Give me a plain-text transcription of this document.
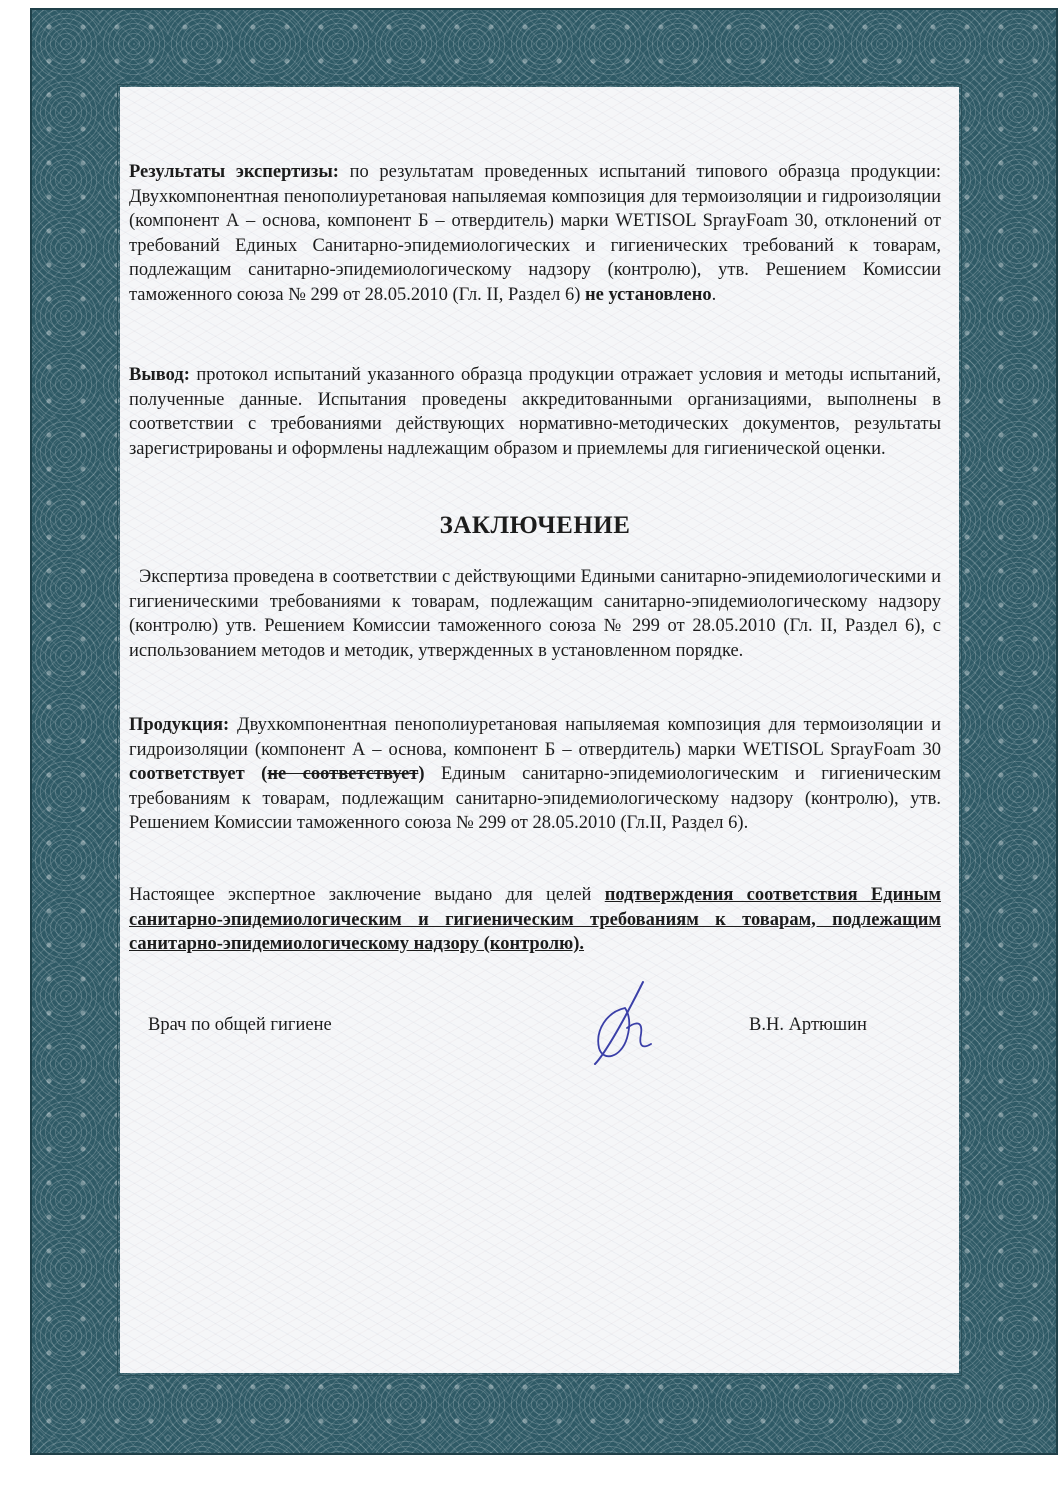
Результаты экспертизы: по результатам проведенных испытаний типового образца продукции: Двухкомпонентная пенополиуретановая напыляемая композиция для термоизоляции и гидроизоляции (компонент А – основа, компонент Б – отвердитель) марки WETISOL SprayFoam 30, отклонений от требований Единых Санитарно-эпидемиологических и гигиенических требований к товарам, подлежащим санитарно-эпидемиологическому надзору (контролю), утв. Решением Комиссии таможенного союза № 299 от 28.05.2010 (Гл. II, Раздел 6) не установлено.

Вывод: протокол испытаний указанного образца продукции отражает условия и методы испытаний, полученные данные. Испытания проведены аккредитованными организациями, выполнены в соответствии с требованиями действующих нормативно-методических документов, результаты зарегистрированы и оформлены надлежащим образом и приемлемы для гигиенической оценки.

Экспертиза проведена в соответствии с действующими Едиными санитарно-эпидемиологическими и гигиеническими требованиями к товарам, подлежащим санитарно-эпидемиологическому надзору (контролю) утв. Решением Комиссии таможенного союза № 299 от 28.05.2010 (Гл. II, Раздел 6), с использованием методов и методик, утвержденных в установленном порядке.

Продукция: Двухкомпонентная пенополиуретановая напыляемая композиция для термоизоляции и гидроизоляции (компонент А – основа, компонент Б – отвердитель) марки WETISOL SprayFoam 30 соответствует (не соответствует) Единым санитарно-эпидемиологическим и гигиеническим требованиям к товарам, подлежащим санитарно-эпидемиологическому надзору (контролю), утв. Решением Комиссии таможенного союза № 299 от 28.05.2010 (Гл.II, Раздел 6).

Настоящее экспертное заключение выдано для целей подтверждения соответствия Единым санитарно-эпидемиологическим и гигиеническим требованиям к товарам, подлежащим санитарно-эпидемиологическому надзору (контролю).

ЗАКЛЮЧЕНИЕ
Врач по общей гигиене	В.Н. Артюшин
